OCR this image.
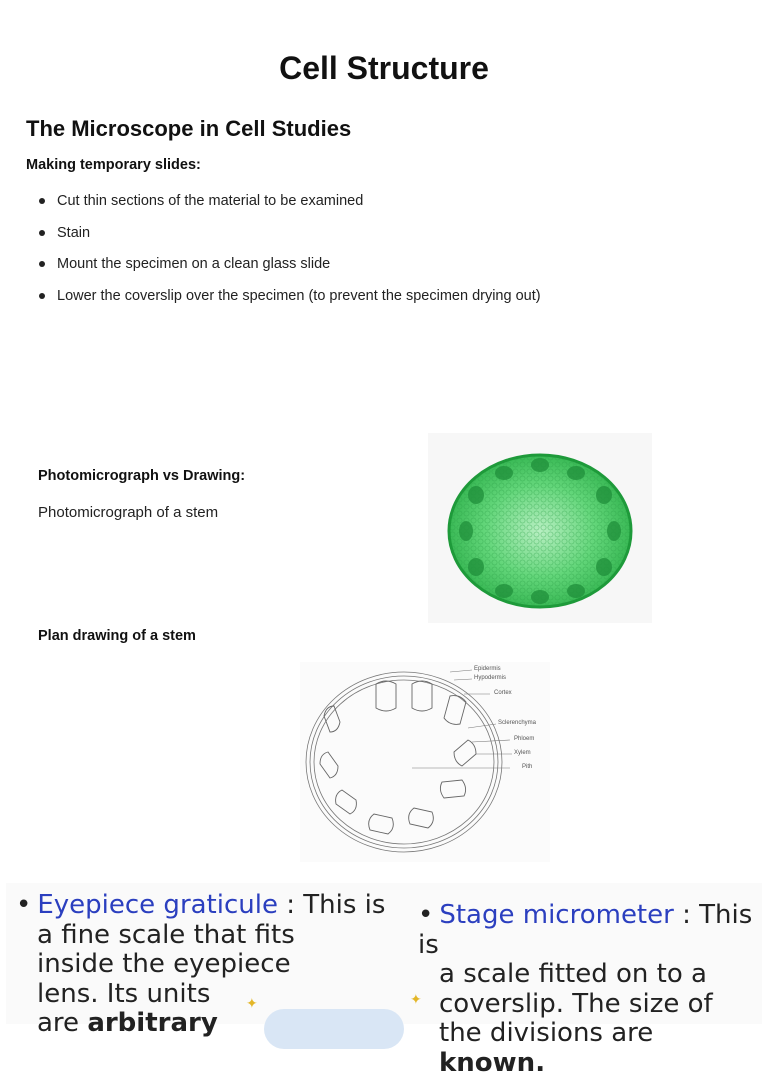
Cell Structure
The Microscope in Cell Studies
Making temporary slides:
Cut thin sections of the material to be examined
Stain
Mount the specimen on a clean glass slide
Lower the coverslip over the specimen (to prevent the specimen drying out)
Photomicrograph vs Drawing:
Photomicrograph of a stem
Plan drawing of a stem
Epidermis
Hypodermis
Cortex
Sclerenchyma
Phloem
Xylem
Pith
• Eyepiece graticule : This is
a fine scale that fits
inside the eyepiece
lens. Its units
are arbitrary
• Stage micrometer : This is
a scale fitted on to a
coverslip. The size of
the divisions are known.
✦	✦
